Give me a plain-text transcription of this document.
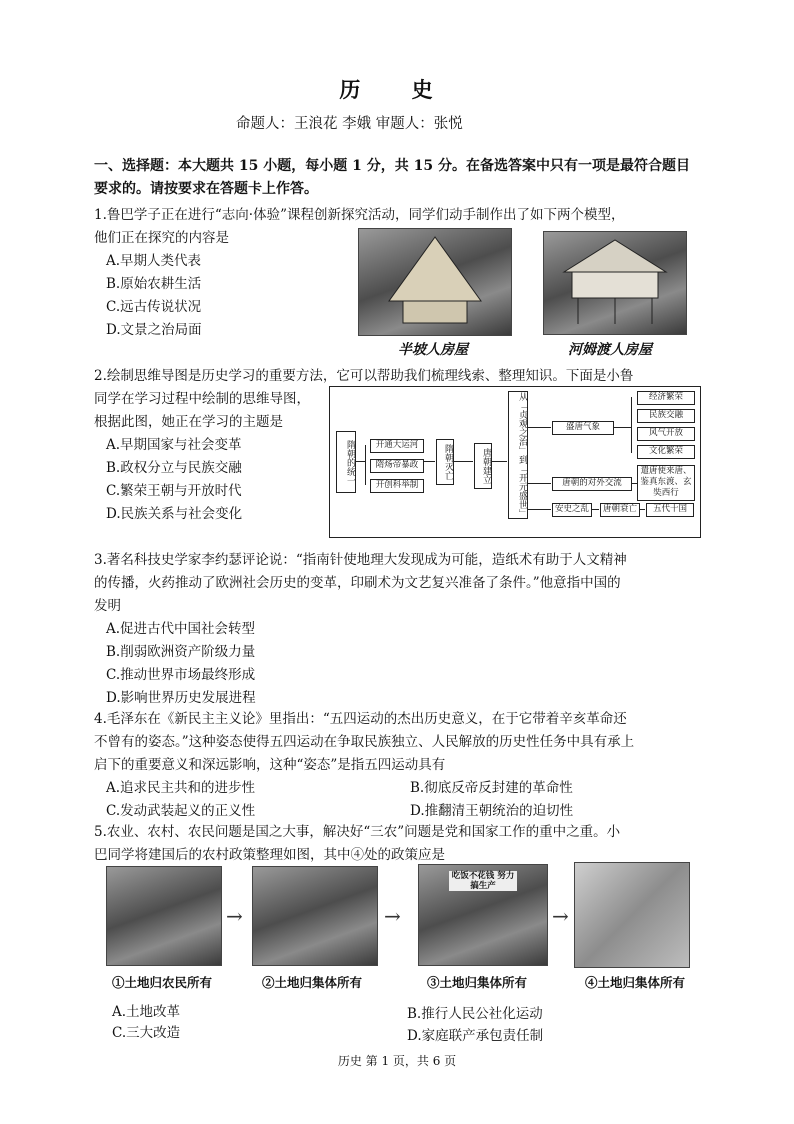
历 史
命题人：王浪花 李娥 审题人：张悦
一、选择题：本大题共 15 小题，每小题 1 分，共 15 分。在备选答案中只有一项是最符合题目要求的。请按要求在答题卡上作答。
1.鲁巴学子正在进行“志向·体验”课程创新探究活动，同学们动手制作出了如下两个模型，
他们正在探究的内容是
A.早期人类代表
B.原始农耕生活
C.远古传说状况
D.文景之治局面
半坡人房屋	河姆渡人房屋
2.绘制思维导图是历史学习的重要方法，它可以帮助我们梳理线索、整理知识。下面是小鲁
同学在学习过程中绘制的思维导图，
根据此图，她正在学习的主题是
A.早期国家与社会变革
B.政权分立与民族交融
C.繁荣王朝与开放时代
D.民族关系与社会变化
隋朝的统一	开通大运河
隋炀帝暴政
开创科举制
隋朝灭亡	唐朝建立	从「贞观之治」到「开元盛世」	盛唐气象
唐朝的对外交流
经济繁荣
民族交融
风气开放
文化繁荣
遣唐使来唐、鉴真东渡、玄奘西行
安史之乱	唐朝衰亡	五代十国
3.著名科技史学家李约瑟评论说：“指南针使地理大发现成为可能，造纸术有助于人文精神
的传播，火药推动了欧洲社会历史的变革，印刷术为文艺复兴准备了条件。”他意指中国的
发明
A.促进古代中国社会转型
B.削弱欧洲资产阶级力量
C.推动世界市场最终形成
D.影响世界历史发展进程
4.毛泽东在《新民主主义论》里指出：“五四运动的杰出历史意义，在于它带着辛亥革命还
不曾有的姿态。”这种姿态使得五四运动在争取民族独立、人民解放的历史性任务中具有承上
启下的重要意义和深远影响，这种“姿态”是指五四运动具有
A.追求民主共和的进步性	B.彻底反帝反封建的革命性
C.发动武装起义的正义性	D.推翻清王朝统治的迫切性
5.农业、农村、农民问题是国之大事，解决好“三农”问题是党和国家工作的重中之重。小
巴同学将建国后的农村政策整理如图，其中④处的政策应是
→	→
吃饭不花钱 努力搞生产
→
①土地归农民所有	②土地归集体所有	③土地归集体所有	④土地归集体所有
A.土地改革	B.推行人民公社化运动
C.三大改造	D.家庭联产承包责任制
历史 第 1 页，共 6 页
